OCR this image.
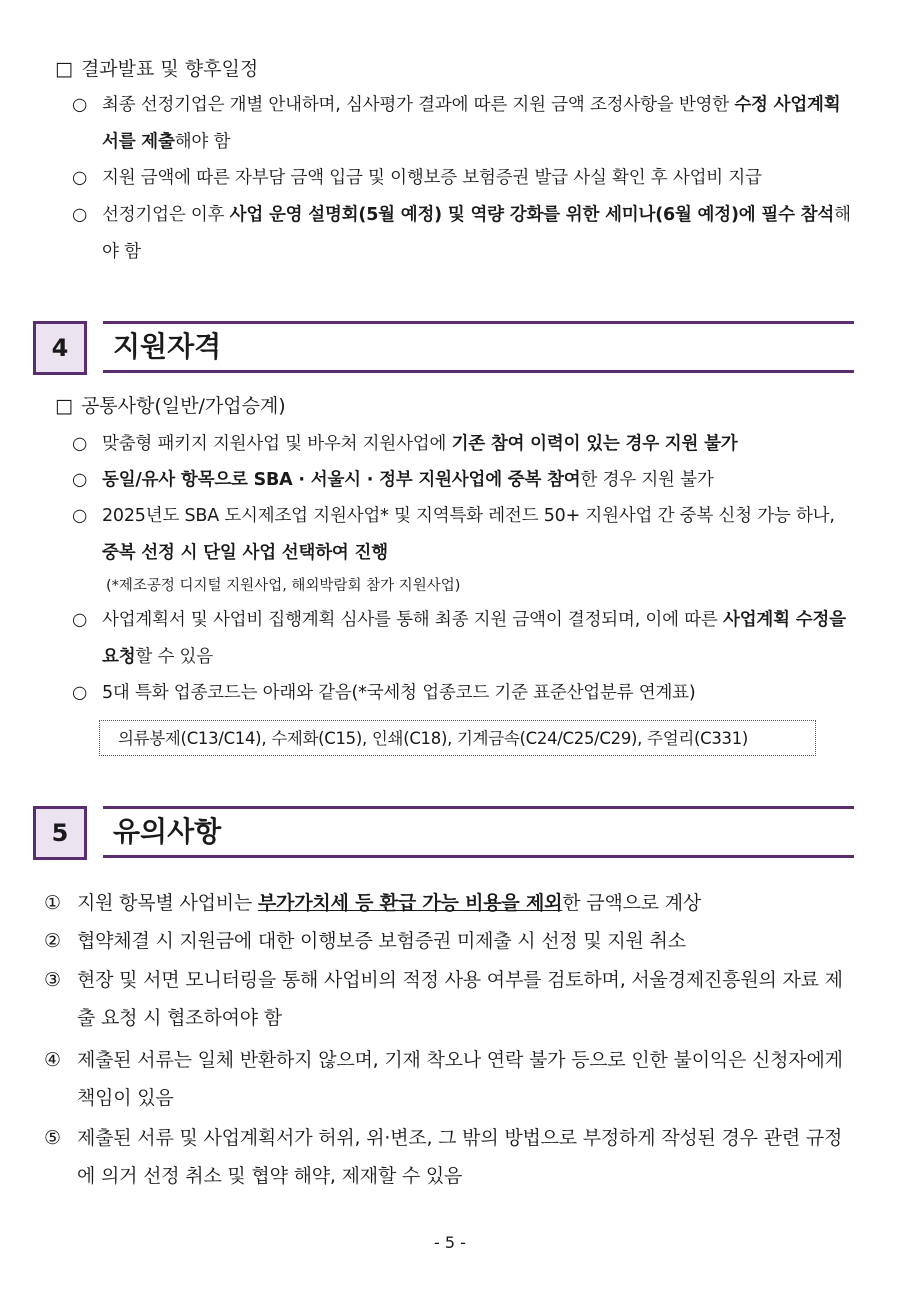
□ 결과발표 및 향후일정
○ 최종 선정기업은 개별 안내하며, 심사평가 결과에 따른 지원 금액 조정사항을 반영한 수정 사업계획서를 제출해야 함
○ 지원 금액에 따른 자부담 금액 입금 및 이행보증 보험증권 발급 사실 확인 후 사업비 지급
○ 선정기업은 이후 사업 운영 설명회(5월 예정) 및 역량 강화를 위한 세미나(6월 예정)에 필수 참석해야 함
4	지원자격
□ 공통사항(일반/가업승계)
○ 맞춤형 패키지 지원사업 및 바우처 지원사업에 기존 참여 이력이 있는 경우 지원 불가
○ 동일/유사 항목으로 SBA · 서울시 · 정부 지원사업에 중복 참여한 경우 지원 불가
○ 2025년도 SBA 도시제조업 지원사업* 및 지역특화 레전드 50+ 지원사업 간 중복 신청 가능 하나, 중복 선정 시 단일 사업 선택하여 진행
(*제조공정 디지털 지원사업, 해외박람회 참가 지원사업)
○ 사업계획서 및 사업비 집행계획 심사를 통해 최종 지원 금액이 결정되며, 이에 따른 사업계획 수정을 요청할 수 있음
○ 5대 특화 업종코드는 아래와 같음(*국세청 업종코드 기준 표준산업분류 연계표)
의류봉제(C13/C14), 수제화(C15), 인쇄(C18), 기계금속(C24/C25/C29), 주얼리(C331)
5	유의사항
① 지원 항목별 사업비는 부가가치세 등 환급 가능 비용을 제외한 금액으로 계상
② 협약체결 시 지원금에 대한 이행보증 보험증권 미제출 시 선정 및 지원 취소
③ 현장 및 서면 모니터링을 통해 사업비의 적정 사용 여부를 검토하며, 서울경제진흥원의 자료 제출 요청 시 협조하여야 함
④ 제출된 서류는 일체 반환하지 않으며, 기재 착오나 연락 불가 등으로 인한 불이익은 신청자에게 책임이 있음
⑤ 제출된 서류 및 사업계획서가 허위, 위·변조, 그 밖의 방법으로 부정하게 작성된 경우 관련 규정에 의거 선정 취소 및 협약 해약, 제재할 수 있음
- 5 -
